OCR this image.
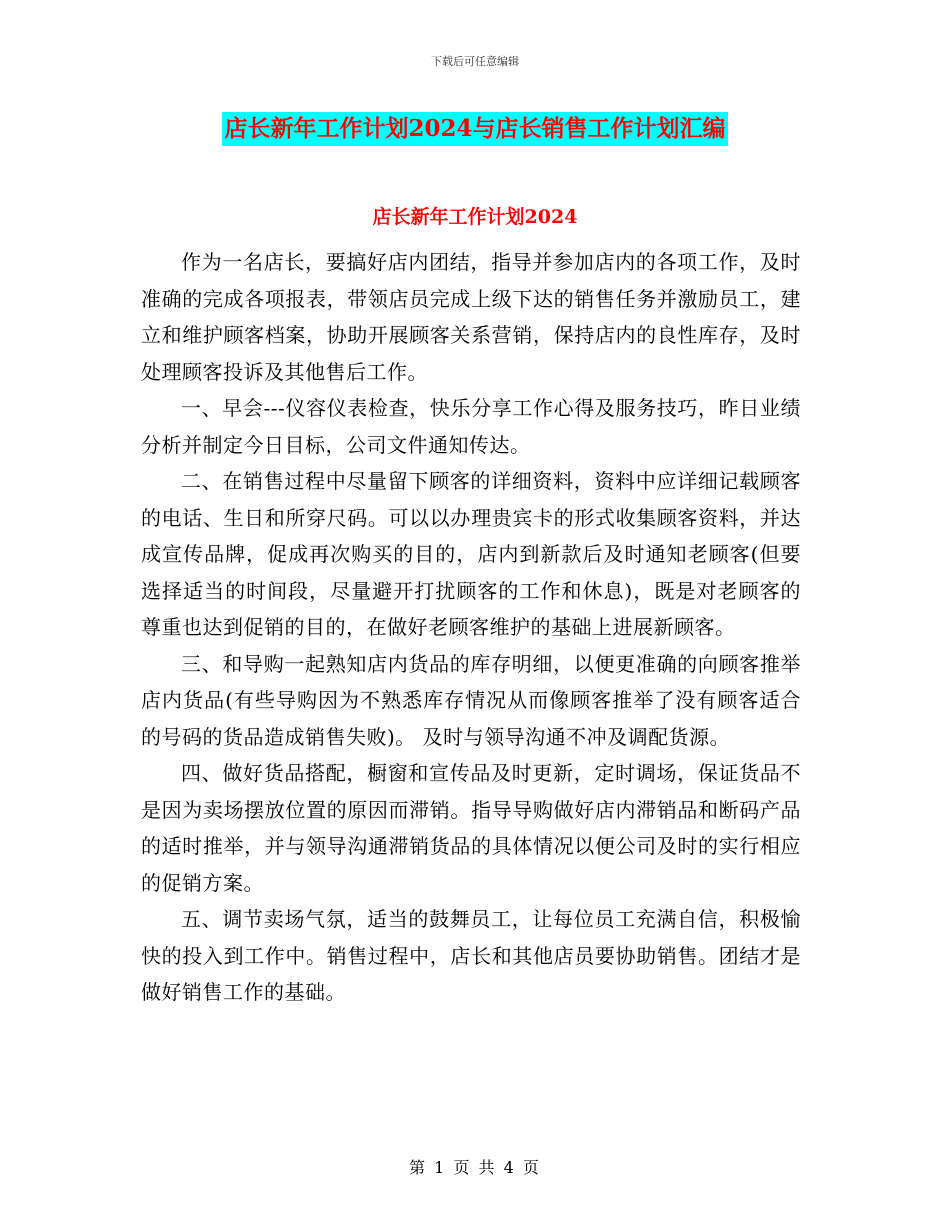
下载后可任意编辑
店长新年工作计划2024与店长销售工作计划汇编
店长新年工作计划2024

作为一名店长，要搞好店内团结，指导并参加店内的各项工作，及时准确的完成各项报表，带领店员完成上级下达的销售任务并激励员工，建立和维护顾客档案，协助开展顾客关系营销，保持店内的良性库存，及时处理顾客投诉及其他售后工作。

一、早会---仪容仪表检查，快乐分享工作心得及服务技巧，昨日业绩分析并制定今日目标，公司文件通知传达。

二、在销售过程中尽量留下顾客的详细资料，资料中应详细记载顾客的电话、生日和所穿尺码。可以以办理贵宾卡的形式收集顾客资料，并达成宣传品牌，促成再次购买的目的，店内到新款后及时通知老顾客(但要选择适当的时间段，尽量避开打扰顾客的工作和休息)，既是对老顾客的尊重也达到促销的目的，在做好老顾客维护的基础上进展新顾客。

三、和导购一起熟知店内货品的库存明细，以便更准确的向顾客推举店内货品(有些导购因为不熟悉库存情况从而像顾客推举了没有顾客适合的号码的货品造成销售失败)。 及时与领导沟通不冲及调配货源。

四、做好货品搭配，橱窗和宣传品及时更新，定时调场，保证货品不是因为卖场摆放位置的原因而滞销。指导导购做好店内滞销品和断码产品的适时推举，并与领导沟通滞销货品的具体情况以便公司及时的实行相应的促销方案。

五、调节卖场气氛，适当的鼓舞员工，让每位员工充满自信，积极愉快的投入到工作中。销售过程中，店长和其他店员要协助销售。团结才是做好销售工作的基础。

第 1 页 共 4 页
